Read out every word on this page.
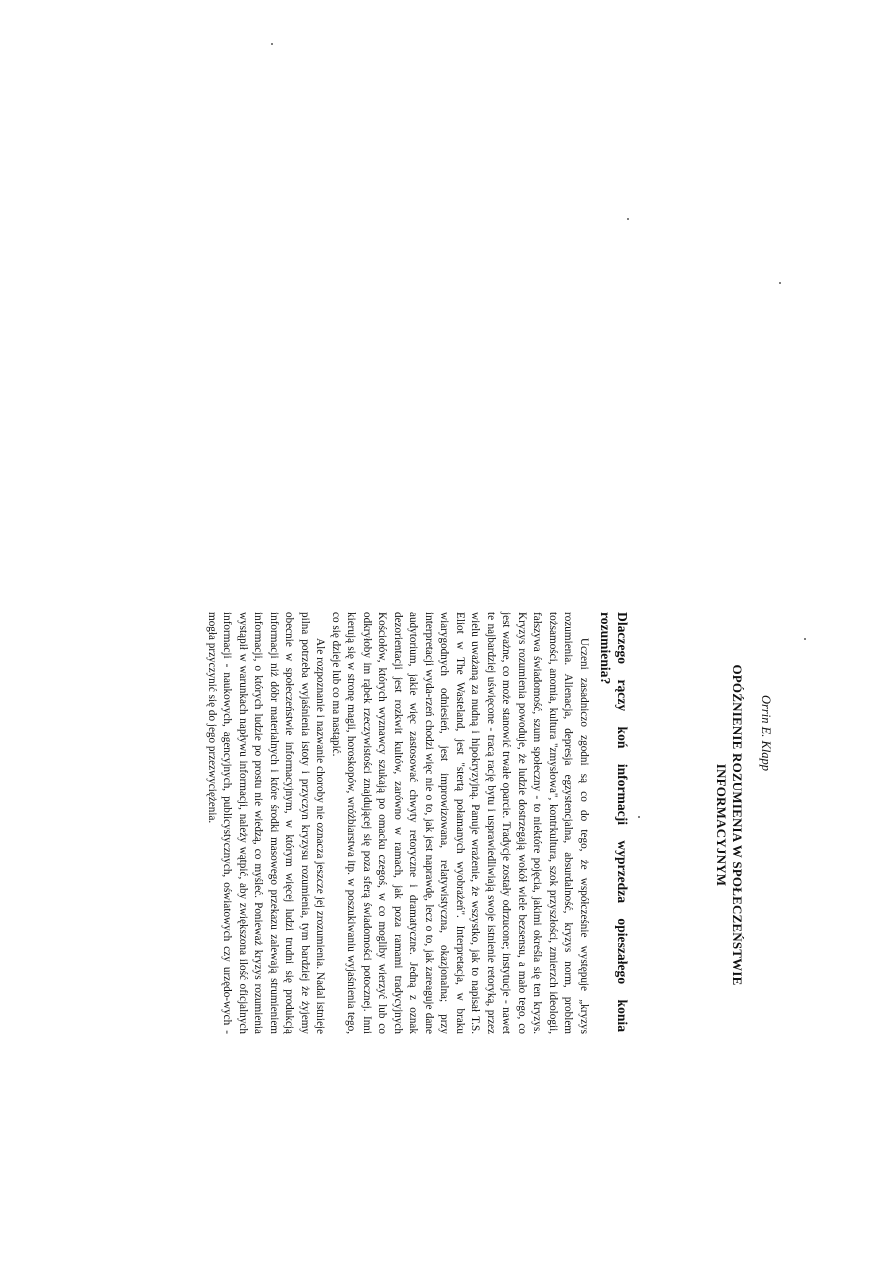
Orrin E. Klapp
OPÓŹNIENIE ROZUMIENIA W SPOŁECZEŃSTWIE
INFORMACYJNYM
Dlaczego rączy koń informacji wyprzedza opieszałego konia rozumienia?

Uczeni zasadniczo zgodni są co do tego, że współcześnie występuje „kryzys rozumienia. Alienacja, depresja egzystencjalna, absurdalność, kryzys norm, problem tożsamości, anomia, kultura "zmysłowa", kontrkultura, szok przyszłości, zmierzch ideologii, fałszywa świadomość, szum społeczny - to niektóre pojęcia, jakimi określa się ten kryzys. Kryzys rozumienia powoduje, że ludzie dostrzegają wokół wiele bezsensu, a mało tego, co jest ważne, co może stanowić trwałe oparcie. Tradycje zostały odrzucone; instytucje - nawet te najbardziej uświęcone - tracą rację bytu i usprawiedliwiają swoje istnienie retoryką, przez wielu uważaną za nudną i hipokryzyjną. Panuje wrażenie, że wszystko, jak to napisał T.S. Eliot w The Wasteland, jest "stertą połamanych wyobrażeń". Interpretacja, w braku wiarygodnych odniesień, jest improwizowana, relatywistyczna, okazjonalna; przy interpretacji wyda-rzeń chodzi więc nie o to, jak jest naprawdę, lecz o to, jak zareaguje dane audytorium, jakie więc zastosować chwyty retoryczne i dramatyczne. Jedną z oznak dezorientacji jest rozkwit kultów, zarówno w ramach, jak poza ramami tradycyjnych Kościołów, których wyznawcy szukają po omacku czegoś, w co mogliby wierzyć lub co odkryłoby im rąbek rzeczywistości znajdującej się poza sferą świadomości potocznej. Inni kierują się w stronę magii, horoskopów, wróżbiarstwa itp. w poszukiwaniu wyjaśnienia tego, co się dzieje lub co ma nastąpić.

Ale rozpoznanie i nazwanie choroby nie oznacza jeszcze jej zrozumienia. Nadal istnieje pilna potrzeba wyjaśnienia istoty i przyczyn kryzysu rozumienia, tym bardziej że żyjemy obecnie w społeczeństwie informacyjnym, w którym więcej ludzi trudni się produkcją informacji niż dóbr materialnych i które środki masowego przekazu zalewają strumieniem informacji, o których ludzie po prostu nie wiedzą, co myśleć. Ponieważ kryzys rozumienia wystąpił w warunkach napływu informacji, należy wątpić, aby zwiększona ilość oficjalnych informacji - naukowych, agencyjnych, publicystycznych, oświatowych czy urzędo-wych - mogła przyczynić się do jego przezwyciężenia.
